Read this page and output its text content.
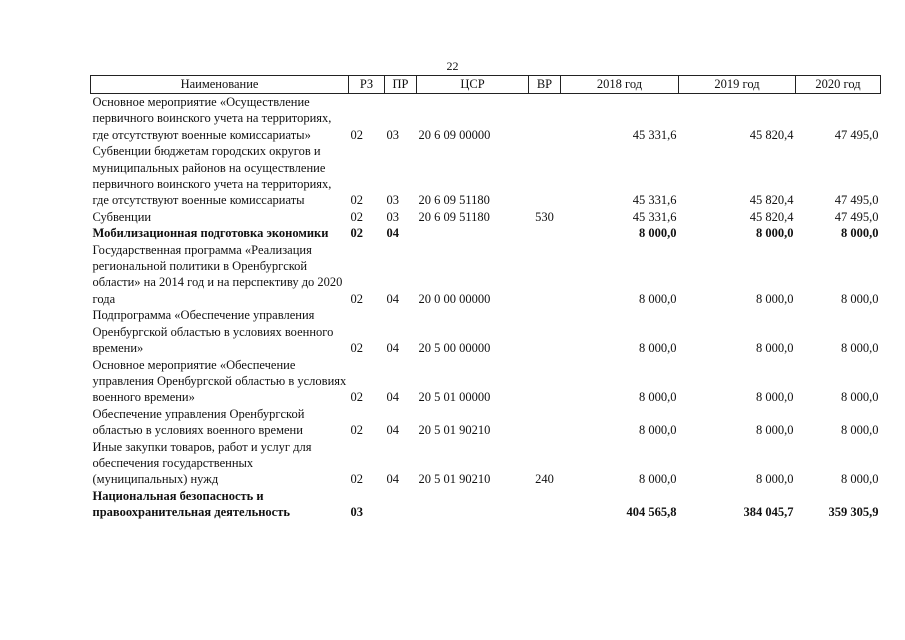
22
Наименование	РЗ	ПР	ЦСР	ВР	2018 год	2019 год	2020 год
Основное мероприятие «Осуществление первичного воинского учета на территориях, где отсутствуют военные комиссариаты»	02	03	20 6 09 00000		45 331,6	45 820,4	47 495,0
Субвенции бюджетам городских округов и муниципальных районов на осуществление первичного воинского учета на территориях, где отсутствуют военные комиссариаты	02	03	20 6 09 51180		45 331,6	45 820,4	47 495,0
Субвенции	02	03	20 6 09 51180	530	45 331,6	45 820,4	47 495,0
Мобилизационная подготовка экономики	02	04			8 000,0	8 000,0	8 000,0
Государственная программа «Реализация региональной политики в Оренбургской области» на 2014 год и на перспективу до 2020 года	02	04	20 0 00 00000		8 000,0	8 000,0	8 000,0
Подпрограмма «Обеспечение управления Оренбургской областью в условиях военного времени»	02	04	20 5 00 00000		8 000,0	8 000,0	8 000,0
Основное мероприятие «Обеспечение управления Оренбургской областью в условиях военного времени»	02	04	20 5 01 00000		8 000,0	8 000,0	8 000,0
Обеспечение управления Оренбургской областью в условиях военного времени	02	04	20 5 01 90210		8 000,0	8 000,0	8 000,0
Иные закупки товаров, работ и услуг для обеспечения государственных (муниципальных) нужд	02	04	20 5 01 90210	240	8 000,0	8 000,0	8 000,0
Национальная безопасность и правоохранительная деятельность	03				404 565,8	384 045,7	359 305,9
